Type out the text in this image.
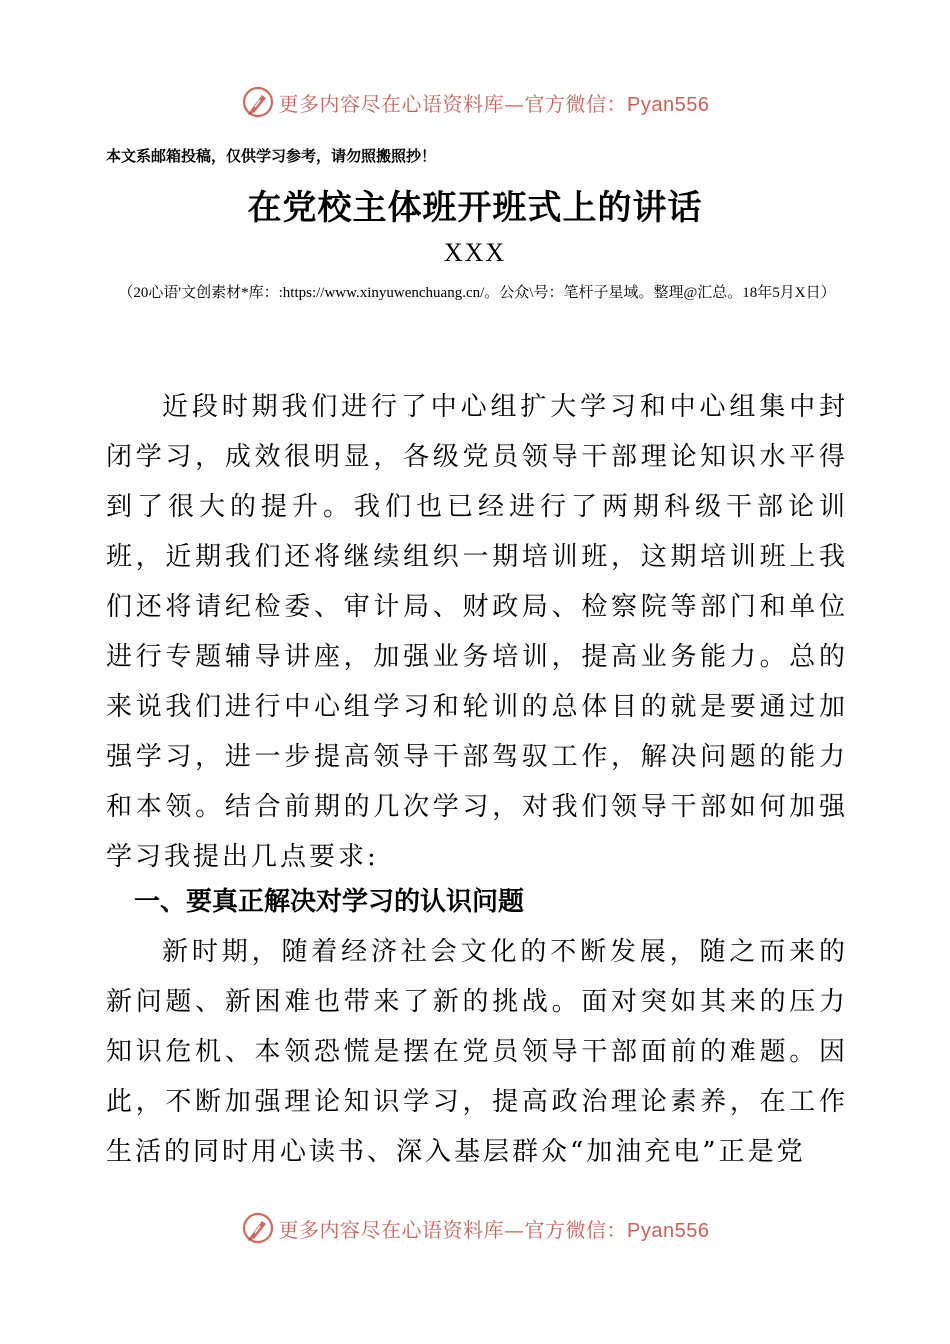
更多内容尽在心语资料库—官方微信：Pyan556
本文系邮箱投稿，仅供学习参考，请勿照搬照抄！
在党校主体班开班式上的讲话
XXX
（20心语'文创素材*库：:https://www.xinyuwenchuang.cn/。公众\号：笔杆子星域。整理@汇总。18年5月X日）
近段时期我们进行了中心组扩大学习和中心组集中封闭学习，成效很明显，各级党员领导干部理论知识水平得到了很大的提升。我们也已经进行了两期科级干部论训班，近期我们还将继续组织一期培训班，这期培训班上我们还将请纪检委、审计局、财政局、检察院等部门和单位进行专题辅导讲座，加强业务培训，提高业务能力。总的来说我们进行中心组学习和轮训的总体目的就是要通过加强学习，进一步提高领导干部驾驭工作，解决问题的能力和本领。结合前期的几次学习，对我们领导干部如何加强学习我提出几点要求:
一、要真正解决对学习的认识问题
新时期，随着经济社会文化的不断发展，随之而来的新问题、新困难也带来了新的挑战。面对突如其来的压力知识危机、本领恐慌是摆在党员领导干部面前的难题。因此，不断加强理论知识学习，提高政治理论素养，在工作生活的同时用心读书、深入基层群众“加油充电”正是党
更多内容尽在心语资料库—官方微信：Pyan556
